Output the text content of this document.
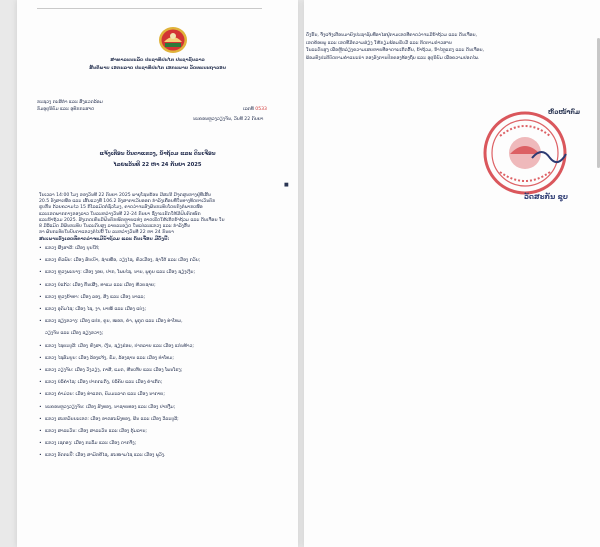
ສາທາລະນະລັດ ປະຊາທິປະໄຕ ປະຊາຊົນລາວ
ສັນຕິພາບ ເອກະລາດ ປະຊາທິປະໄຕ ເອກະພາບ ວັດທະນະຖາວອນ
ກະຊວງ ກະສິກຳ ແລະ ສິ່ງແວດລ້ອມ
ກົມອຸຕຸນິຍົມ ແລະ ອຸທົກກະສາດ	ເລກທີ 0533
ນະຄອນຫຼວງວຽງຈັນ, ວັນທີ 22 ກັນຍາ
ແຈ້ງເຕືອນ ບັນດາແຂວງ, ນໍ້າຖ້ວມ ແລະ ດິນເຈື່ອນ
ໄລຍະວັນທີ 22 ຫາ 24 ກັນຍາ 2025
■
ໃນເວລາ 14:00 ໂມງ ຂອງວັນທີ 22 ກັນຍາ 2025 ພາຍຸໂຊນຮ້ອນ ມີສະນີ ມີຈຸດສູນກາງຢູ່ທີ່ເສັ້ນ
20.5 ອົງສາເໜືອ ແລະ ເສັ້ນແວງທີ່ 106.2 ອົງສາຕາເວັນອອກ ກໍາລັງເຄື່ອນທີ່ໃນທາງທິດຕາເວັນຕົກ
ຮູບກັ້ນ ດ້ວຍຄວາມໄວ 15 ກິໂລແມັດຕໍ່ຊົ່ວໂມງ, ຄາດວ່າຈະສົ່ງຜົນກະທົບໂດຍກົງຕໍ່ພາກເໜືອ
ແລະເຂດພາກກາງຂອງລາວ ໃນລະຫວ່າງວັນທີ 22-24 ກັນຍາ ຊຶ່ງຈະເຮັດໃຫ້ມີຝົນຕົກໜັກ
ແລະນໍ້າຖ້ວມ 2025. ສັງເກດເຫັນມີຝົນຕົກໜັກຫຼາຍແຫ່ງ ອາດເຮັດໃຫ້ເກີດນໍ້າຖ້ວມ ແລະ ດິນເຈື່ອນ ໃນ
8 ມີລີແມັດ ມີຜົນກະທົບ ໃນລະດັບສູງ ລາຍລະອຽດ ໃນແຕ່ລະແຂວງ ແລະ ກໍາລັງຂຶ້ນ
ກາ ຜົນກະທົບໃນບັນດາແຂວງຕໍ່ໄປນີ້ ໃນ ລະຫວ່າງວັນທີ 22 ຫາ 24 ກັນຍາ
ສະເພາະຂົງເຂດທີ່ຄາດວ່າຈະມີນໍ້າຖ້ວມ ແລະ ດິນເຈື່ອນ ມີດັ່ງນີ້:
• ແຂວງ ຜົ້ງສາລີ: ເມືອງ ບຸນໃຕ້;
• ແຂວງ ຫົວພັນ: ເມືອງ ສົບເບົາ, ຊຳເໜືອ, ວຽງໄຊ, ຫົວເມືອງ, ຊຳໃຕ້ ແລະ ເມືອງ ກວັນ;
• ແຂວງ ຫຼວງພະບາງ: ເມືອງ ງອຍ, ປາກ, ໂພນໄຊ, ນານ, ພູຄູນ ແລະ ເມືອງ ຊຽງເງິນ;
• ແຂວງ ບໍ່ແກ້ວ: ເມືອງ ຕົ້ນເຜິ້ງ, ທາແມ ແລະ ເມືອງ ຫ້ວຍຊາຍ;
• ແຂວງ ຫຼວງນໍ້າທາ: ເມືອງ ລອງ, ສິງ ແລະ ເມືອງ ນາແລ;
• ແຂວງ ອຸດົມໄຊ: ເມືອງ ໄຊ, ງາ, ນາໝໍ້ ແລະ ເມືອງ ແບ່ງ;
• ແຂວງ ຊຽງຂວາງ: ເມືອງ ແປກ, ຄູນ, ໝອກ, ຄຳ, ພູກູດ ແລະ ເມືອງ ທ່າໂທມ,
ວຽງຈັນ ແລະ ເມືອງ ຊຽງຂວາງ;
• ແຂວງ ໄຊຍະບູລີ: ເມືອງ ຫົງສາ, ເງິນ, ຊຽງຮ່ອນ, ປາກລາຍ ແລະ ເມືອງ ແກ່ນທ້າວ;
• ແຂວງ ໄຊສົມບູນ: ເມືອງ ລ້ອງແຈ້ງ, ຮົ່ມ, ລ້ອງຊານ ແລະ ເມືອງ ທ່າໂທມ;
• ແຂວງ ວຽງຈັນ: ເມືອງ ວັງວຽງ, ກາສີ, ແມດ, ຫີນເຫີບ ແລະ ເມືອງ ໂພນໂຮງ;
• ແຂວງ ບໍລິຄຳໄຊ: ເມືອງ ປາກກະດິງ, ບໍລິຄັນ ແລະ ເມືອງ ຄຳເກີດ;
• ແຂວງ ຄຳມ່ວນ: ເມືອງ ທ່າແຂກ, ຍົມມະລາດ ແລະ ເມືອງ ນາກາຍ;
• ນະຄອນຫຼວງວຽງຈັນ: ເມືອງ ສັງທອງ, ນາຊາຍທອງ ແລະ ເມືອງ ປາກງື່ມ;
• ແຂວງ ສະຫວັນນະເຂດ: ເມືອງ ອາດສະພັງທອງ, ພີນ ແລະ ເມືອງ ວິລະບູລີ;
• ແຂວງ ສາລະວັນ: ເມືອງ ສາລະວັນ ແລະ ເມືອງ ຕຸ້ມລານ;
• ແຂວງ ເຊກອງ: ເມືອງ ກະລຶມ ແລະ ເມືອງ ດາກຈຶງ;
• ແຂວງ ອັດຕະປື: ເມືອງ ສາມັກຄີໄຊ, ສະໜາມໄຊ ແລະ ເມືອງ ພູວົງ.
ດັ່ງນັ້ນ, ຈຶ່ງແຈ້ງເຕືອນມາຍັງປະຊາຊົນທີ່ອາໄສຢູ່ຕາມເຂດທີ່ຄາດວ່າຈະມີນໍ້າຖ້ວມ ແລະ ດິນເຈື່ອນ,
ເຂດຄ້ອຍພູ ແລະ ເຂດທີ່ມີຄວາມສ່ຽງ ໃຫ້ກຽມພ້ອມຮັບມື ແລະ ຕິດຕາມຂ່າວສານ
ໃນລະດັບສູງ ເພື່ອຫຼີກລ່ຽງຄວາມເສຍຫາຍທີ່ອາດຈະເກີດຂຶ້ນ, ນໍ້າຖ້ວມ, ນໍ້າໄຫຼແຮງ ແລະ ດິນເຈື່ອນ,
ພ້ອມທັງປະຕິບັດຕາມຄໍາແນະນໍາ ຂອງອົງການປົກຄອງທ້ອງຖິ່ນ ແລະ ອຸຕຸນິຍົມ ເພື່ອຄວາມປອດໄພ.
ຫົວໜ້າກົມ
ວັດສະກັນ ຊຸບ
